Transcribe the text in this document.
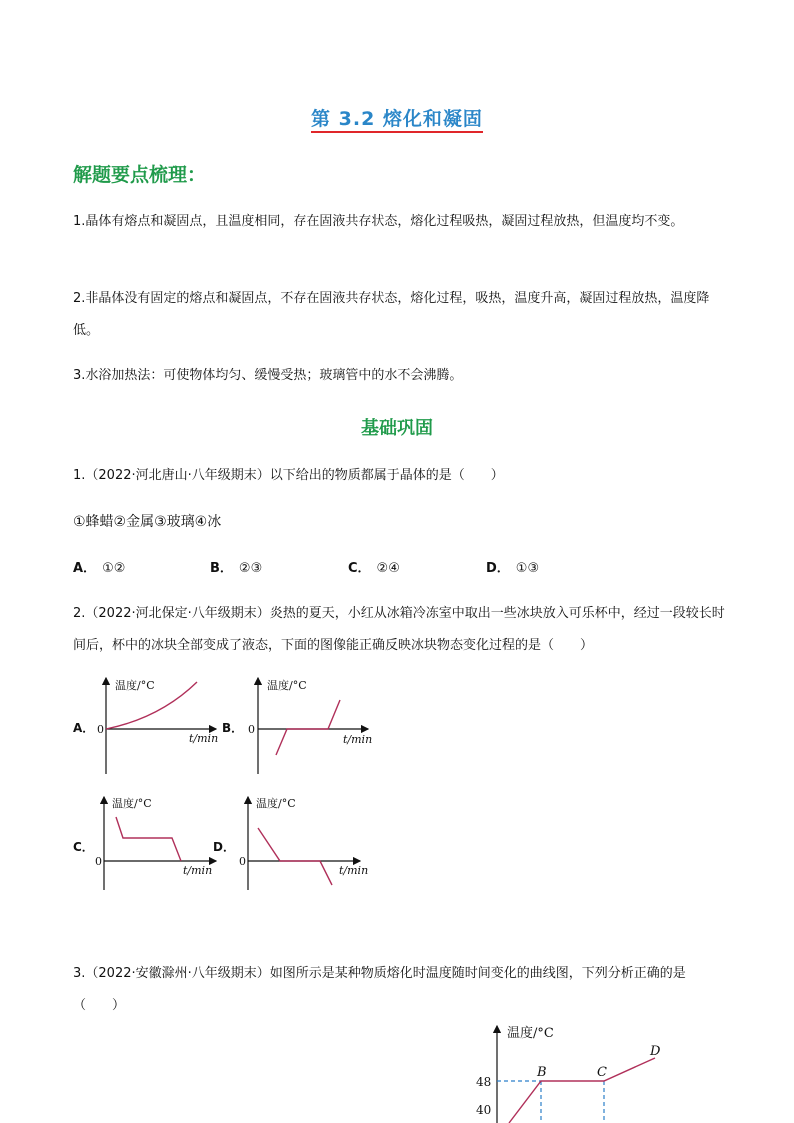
第 3.2 熔化和凝固
解题要点梳理：
1.晶体有熔点和凝固点，且温度相同，存在固液共存状态，熔化过程吸热，凝固过程放热，但温度均不变。
2.非晶体没有固定的熔点和凝固点，不存在固液共存状态，熔化过程，吸热，温度升高，凝固过程放热，温度降低。
3.水浴加热法：可使物体均匀、缓慢受热；玻璃管中的水不会沸腾。
基础巩固
1.（2022·河北唐山·八年级期末）以下给出的物质都属于晶体的是（　　）
①蜂蜡②金属③玻璃④冰
A． ①②	B． ②③	C． ②④	D． ①③
2.（2022·河北保定·八年级期末）炎热的夏天，小红从冰箱冷冻室中取出一些冰块放入可乐杯中，经过一段较长时间后，杯中的冰块全部变成了液态，下面的图像能正确反映冰块物态变化过程的是（　　）
A．	B．
C．	D．
温度/°C
t/min
0
温度/°C
t/min
0
温度/°C
t/min
0
温度/°C
t/min
0
温度/°C
48
40
B	C
D
3.（2022·安徽滁州·八年级期末）如图所示是某种物质熔化时温度随时间变化的曲线图，下列分析正确的是（　　）
